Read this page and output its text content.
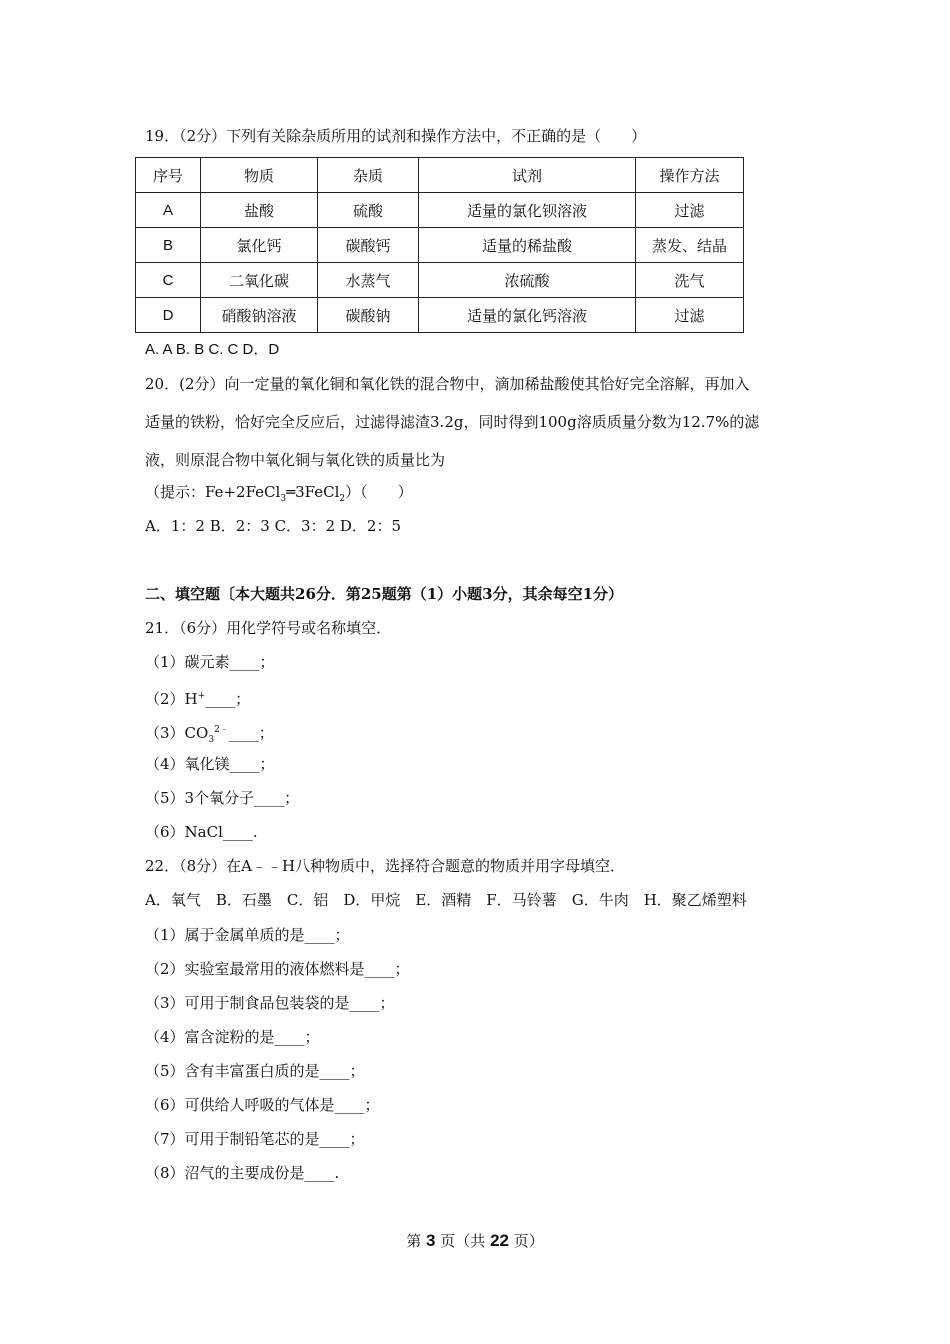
19．（2分）下列有关除杂质所用的试剂和操作方法中，不正确的是（　　）
序号	物质	杂质	试剂	操作方法
A	盐酸	硫酸	适量的氯化钡溶液	过滤
B	氯化钙	碳酸钙	适量的稀盐酸	蒸发、结晶
C	二氧化碳	水蒸气	浓硫酸	洗气
D	硝酸钠溶液	碳酸钠	适量的氯化钙溶液	过滤
A. A B. B C. C D．D
20．(2分）向一定量的氧化铜和氧化铁的混合物中，滴加稀盐酸使其恰好完全溶解，再加入
适量的铁粉，恰好完全反应后，过滤得滤渣3.2g，同时得到100g溶质质量分数为12.7%的滤
液，则原混合物中氧化铜与氧化铁的质量比为
（提示：Fe+2FeCl$_3$═3FeCl$_2$）（　　）
A．1：2 B．2：3 C．3：2 D．2：5
二、填空题〔本大题共26分．第25题第（1）小题3分，其余每空1分）
21．（6分）用化学符号或名称填空．
（1）碳元素____；
（2）H+____；
$(3)CO_3^{2﹣}\_\_\_\_$；
（4）氧化镁____；
（5）3个氧分子____；
（6）NaCl____.
22．（8分）在A﹣﹣H八种物质中，选择符合题意的物质并用字母填空．
A．氧气　B．石墨　C．铝　D．甲烷　E．酒精　F．马铃薯　G．牛肉　H．聚乙烯塑料
（1）属于金属单质的是____；
（2）实验室最常用的液体燃料是____；
（3）可用于制食品包装袋的是____；
（4）富含淀粉的是____；
（5）含有丰富蛋白质的是____；
（6）可供给人呼吸的气体是____；
（7）可用于制铅笔芯的是____；
（8）沼气的主要成份是____.
第 3 页（共 22 页）
